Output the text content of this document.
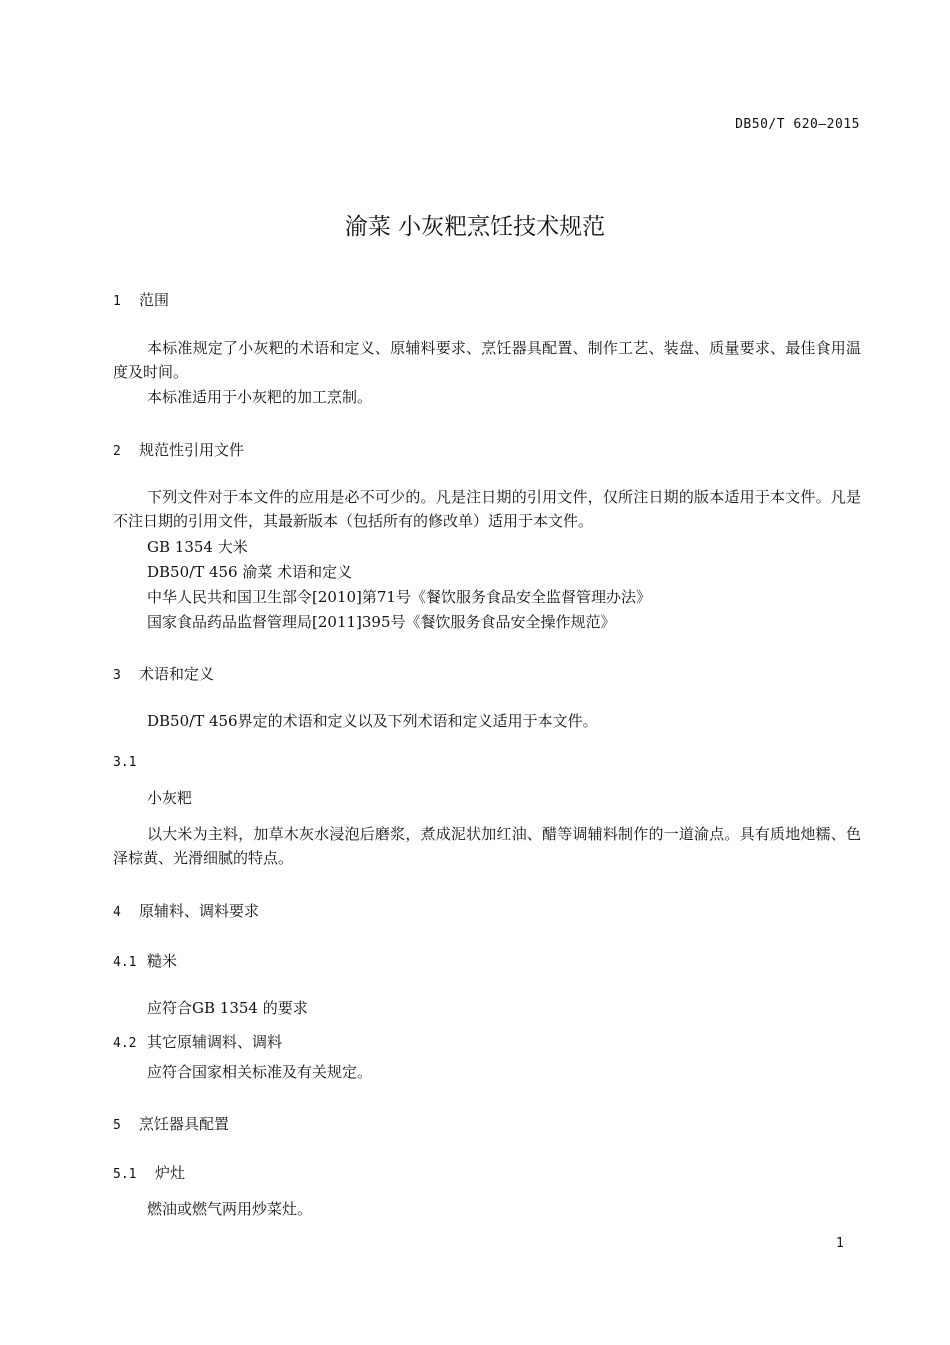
DB50/T 620—2015
渝菜 小灰粑烹饪技术规范
1 范围
本标准规定了小灰粑的术语和定义、原辅料要求、烹饪器具配置、制作工艺、装盘、质量要求、最佳食用温度及时间。
本标准适用于小灰粑的加工烹制。
2 规范性引用文件
下列文件对于本文件的应用是必不可少的。凡是注日期的引用文件，仅所注日期的版本适用于本文件。凡是不注日期的引用文件，其最新版本（包括所有的修改单）适用于本文件。
GB 1354 大米
DB50/T 456 渝菜 术语和定义
中华人民共和国卫生部令[2010]第71号《餐饮服务食品安全监督管理办法》
国家食品药品监督管理局[2011]395号《餐饮服务食品安全操作规范》
3 术语和定义
DB50/T 456界定的术语和定义以及下列术语和定义适用于本文件。
3.1
小灰粑
以大米为主料，加草木灰水浸泡后磨浆，煮成泥状加红油、醋等调辅料制作的一道渝点。具有质地灺糯、色泽棕黄、光滑细腻的特点。
4 原辅料、调料要求
4.1 糙米
应符合GB 1354 的要求
4.2 其它原辅调料、调料
应符合国家相关标准及有关规定。
5 烹饪器具配置
5.1 炉灶
燃油或燃气两用炒菜灶。
1
